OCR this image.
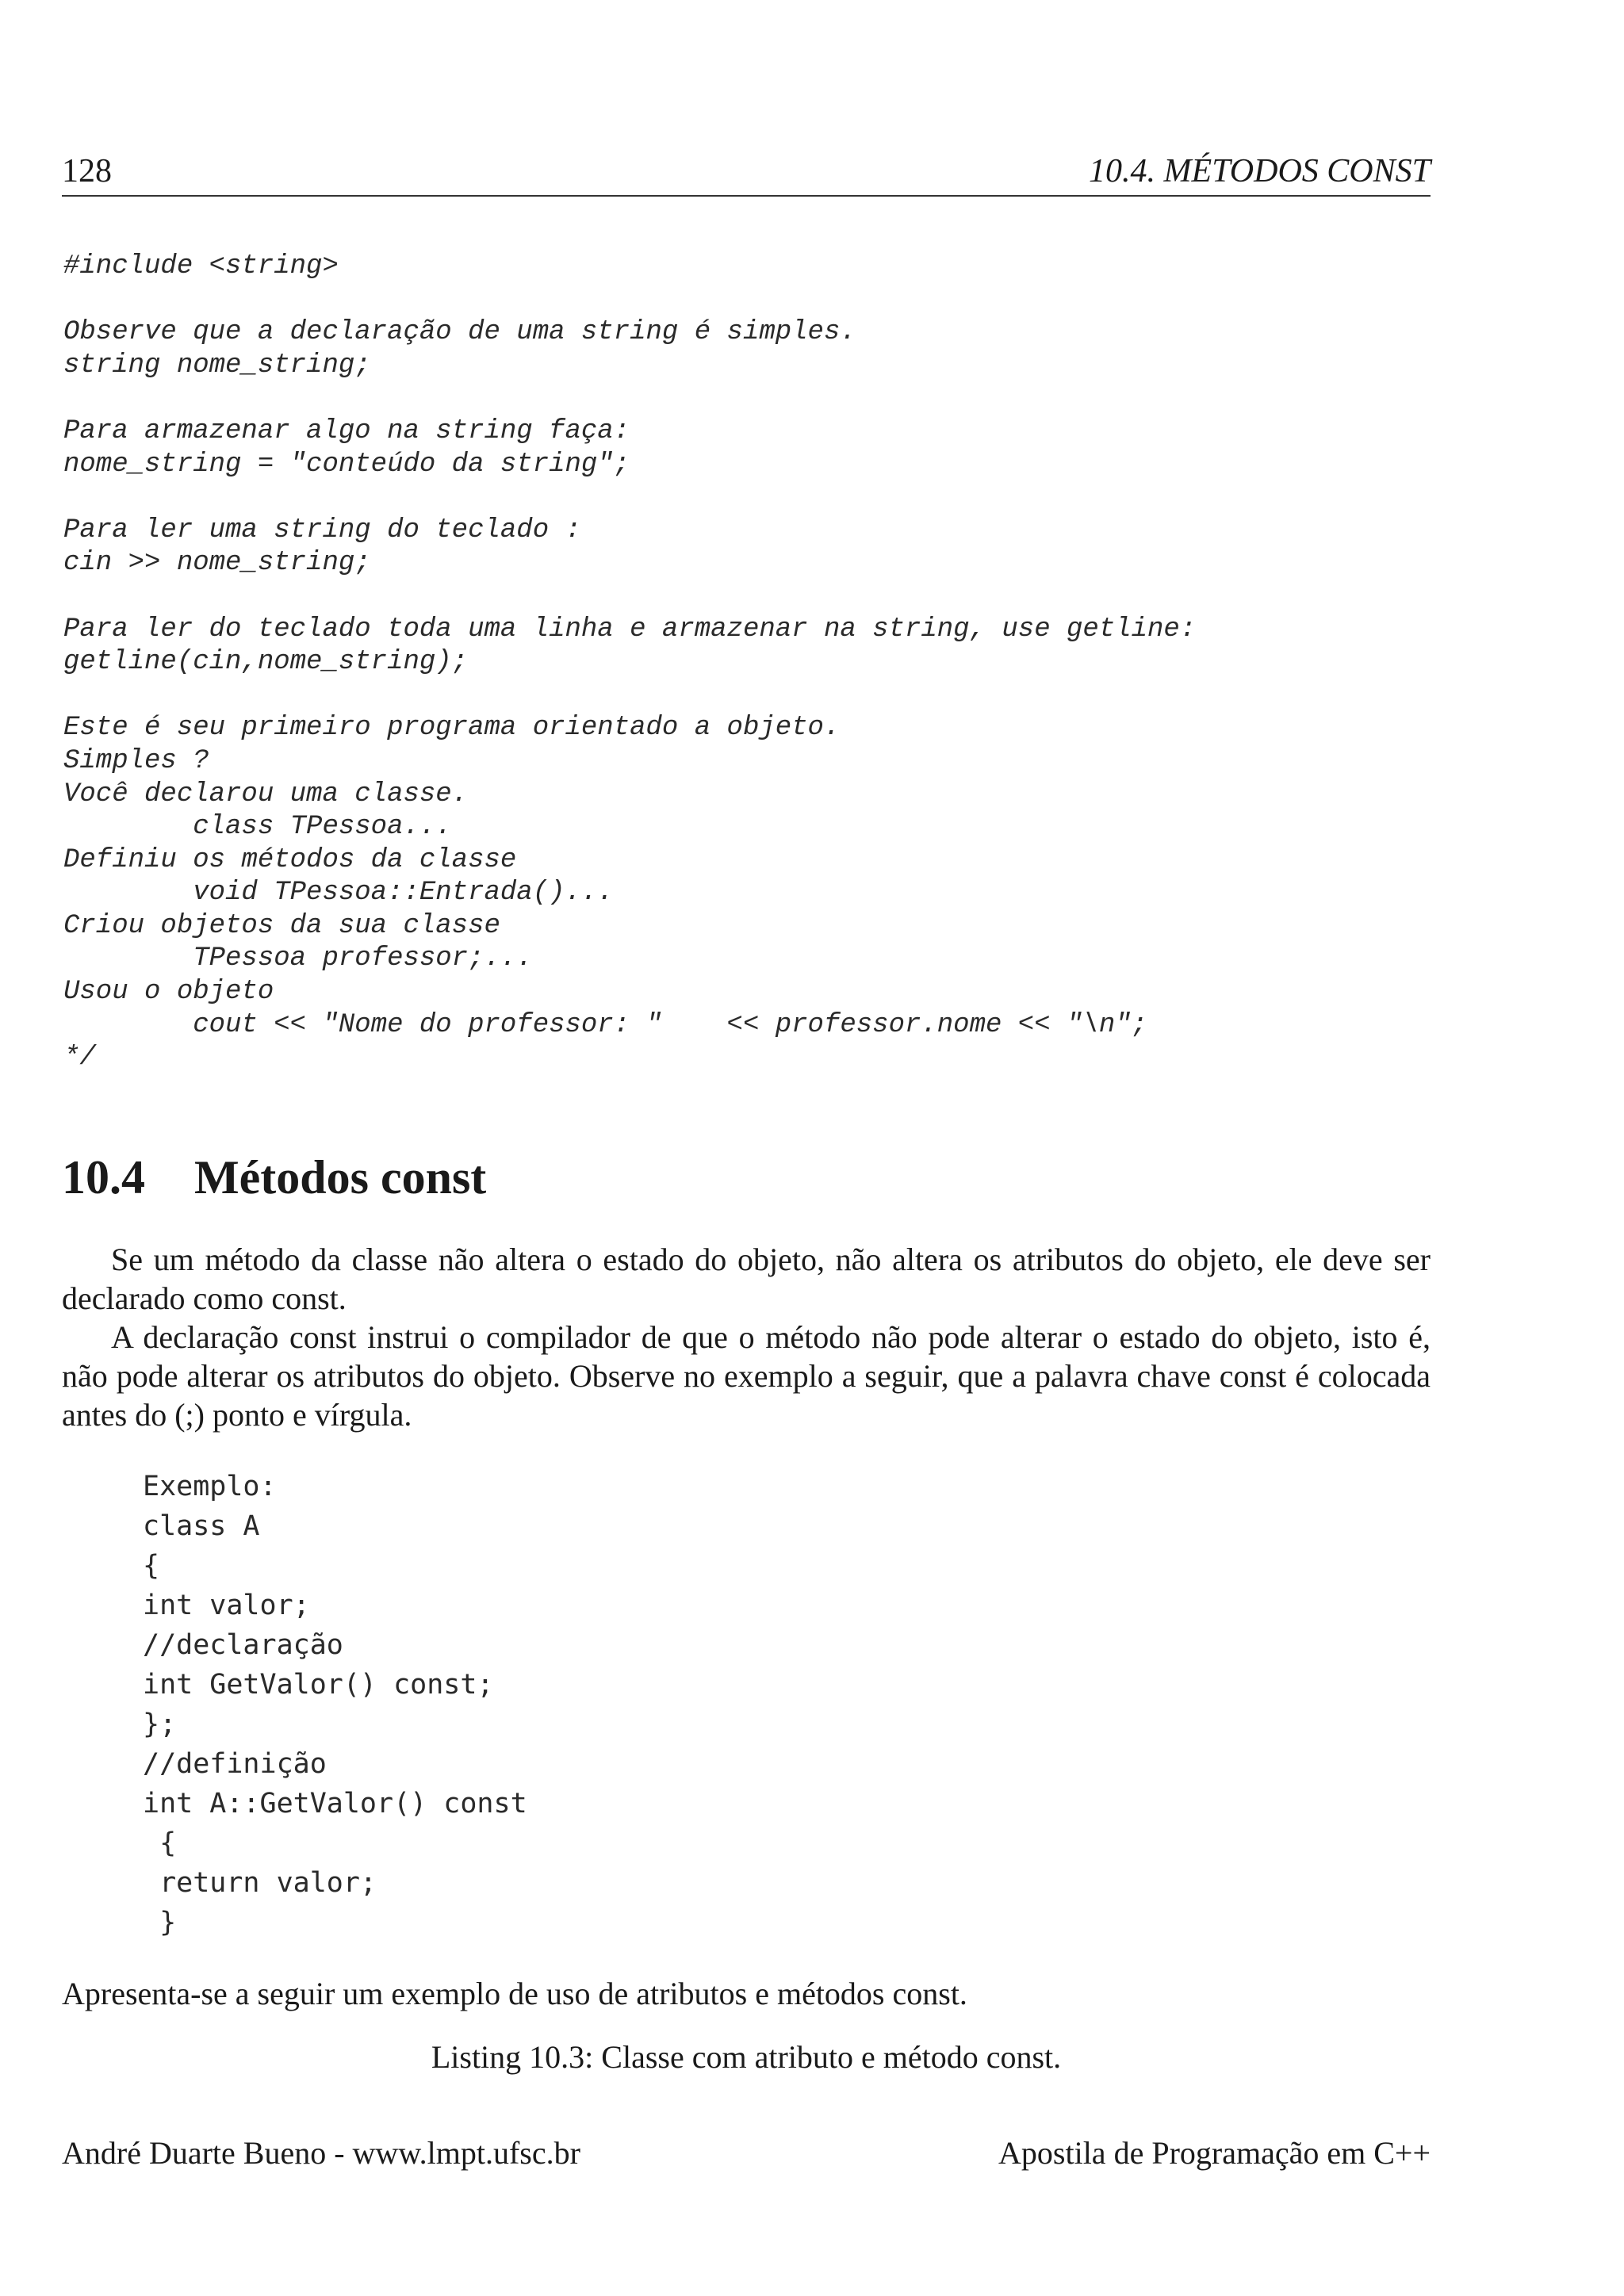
128	10.4. MÉTODOS CONST
#include <string>
Observe que a declaração de uma string é simples.
string nome_string;
Para armazenar algo na string faça:
nome_string = "conteúdo da string";
Para ler uma string do teclado :
cin >> nome_string;
Para ler do teclado toda uma linha e armazenar na string, use getline:
getline(cin,nome_string);
Este é seu primeiro programa orientado a objeto.
Simples ?
Você declarou uma classe.
class TPessoa...
Definiu os métodos da classe
void TPessoa::Entrada()...
Criou objetos da sua classe
TPessoa professor;...
Usou o objeto
cout << "Nome do professor: "    << professor.nome << "\n";
*/
10.4 Métodos const

Se um método da classe não altera o estado do objeto, não altera os atributos do objeto, ele deve ser declarado como const.

A declaração const instrui o compilador de que o método não pode alterar o estado do objeto, isto é, não pode alterar os atributos do objeto. Observe no exemplo a seguir, que a palavra chave const é colocada antes do (;) ponto e vírgula.

Exemplo:
class A
{
int valor;
//declaração
int GetValor() const;
};
//definição
int A::GetValor() const
{
return valor;
}

Apresenta-se a seguir um exemplo de uso de atributos e métodos const.

Listing 10.3: Classe com atributo e método const.
André Duarte Bueno - www.lmpt.ufsc.br	Apostila de Programação em C++
